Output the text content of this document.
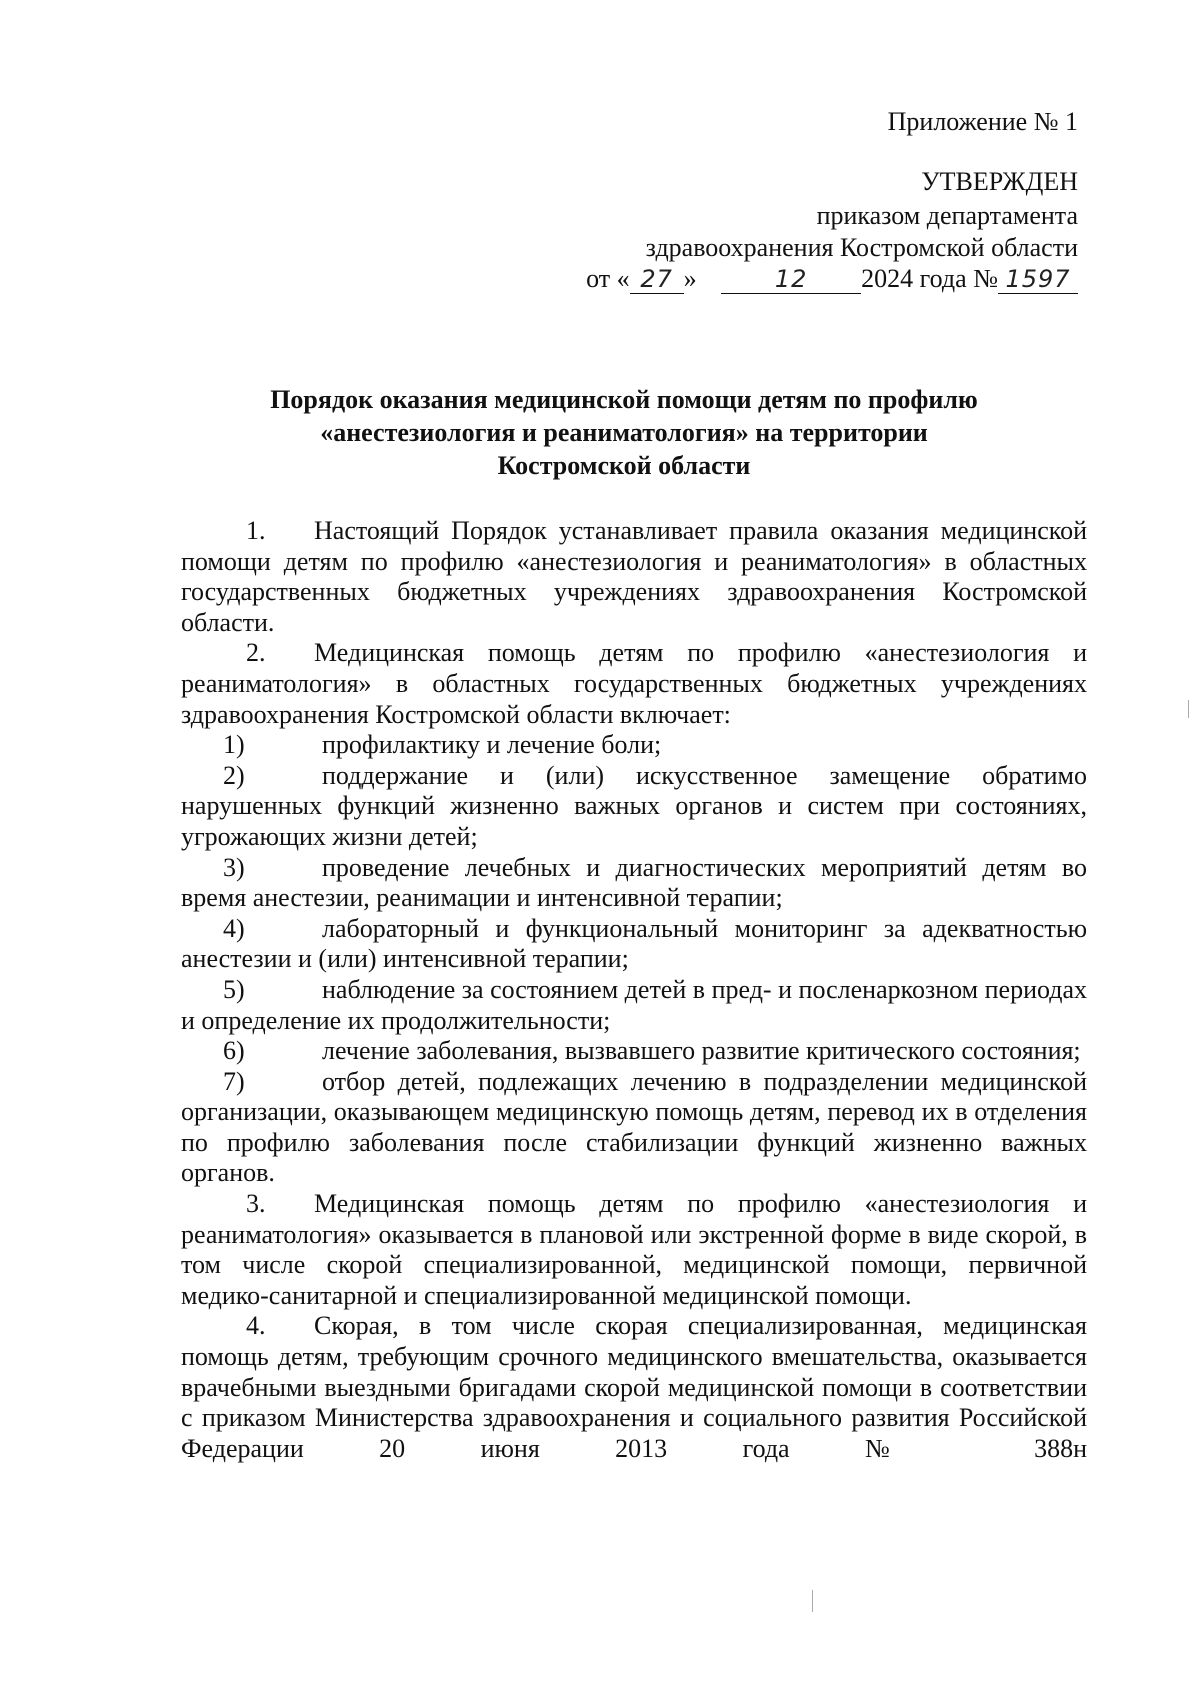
Приложение № 1
УТВЕРЖДЕН
приказом департамента
здравоохранения Костромской области
от « 27 »	12 2024 года № 1597
Порядок оказания медицинской помощи детям по профилю
«анестезиология и реаниматология» на территории
Костромской области

1. Настоящий Порядок устанавливает правила оказания медицинской помощи детям по профилю «анестезиология и реаниматология» в областных государственных бюджетных учреждениях здравоохранения Костромской области.

2. Медицинская помощь детям по профилю «анестезиология и реаниматология» в областных государственных бюджетных учреждениях здравоохранения Костромской области включает:

1)	профилактику и лечение боли;

2)	поддержание и (или) искусственное замещение обратимо нарушенных функций жизненно важных органов и систем при состояниях, угрожающих жизни детей;

3)	проведение лечебных и диагностических мероприятий детям во время анестезии, реанимации и интенсивной терапии;

4)	лабораторный и функциональный мониторинг за адекватностью анестезии и (или) интенсивной терапии;

5)	наблюдение за состоянием детей в пред- и посленаркозном периодах и определение их продолжительности;

6)	лечение заболевания, вызвавшего развитие критического состояния;

7)	отбор детей, подлежащих лечению в подразделении медицинской организации, оказывающем медицинскую помощь детям, перевод их в отделения по профилю заболевания после стабилизации функций жизненно важных органов.

3. Медицинская помощь детям по профилю «анестезиология и реаниматология» оказывается в плановой или экстренной форме в виде скорой, в том числе скорой специализированной, медицинской помощи, первичной медико-санитарной и специализированной медицинской помощи.

4. Скорая, в том числе скорая специализированная, медицинская помощь детям, требующим срочного медицинского вмешательства, оказывается врачебными выездными бригадами скорой медицинской помощи в соответствии с приказом Министерства здравоохранения и социального развития Российской Федерации 20 июня 2013 года № 388н
